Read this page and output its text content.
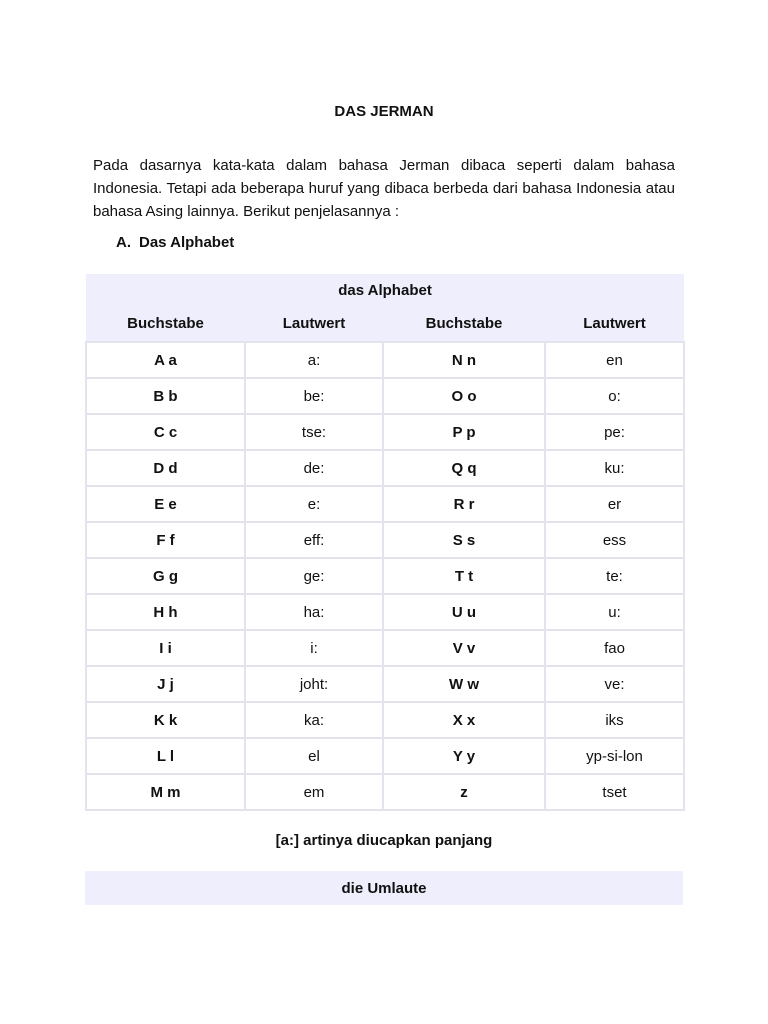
DAS JERMAN

Pada dasarnya kata-kata dalam bahasa Jerman dibaca seperti dalam bahasa Indonesia. Tetapi ada beberapa huruf yang dibaca berbeda dari bahasa Indonesia atau bahasa Asing lainnya. Berikut penjelasannya :

A. Das Alphabet
das Alphabet			
Buchstabe	Lautwert	Buchstabe	Lautwert
A a	a:	N n	en
B b	be:	O o	o:
C c	tse:	P p	pe:
D d	de:	Q q	ku:
E e	e:	R r	er
F f	eff:	S s	ess
G g	ge:	T t	te:
H h	ha:	U u	u:
I i	i:	V v	fao
J j	joht:	W w	ve:
K k	ka:	X x	iks
L l	el	Y y	yp-si-lon
M m	em	z	tset

[a:] artinya diucapkan panjang

die Umlaute
